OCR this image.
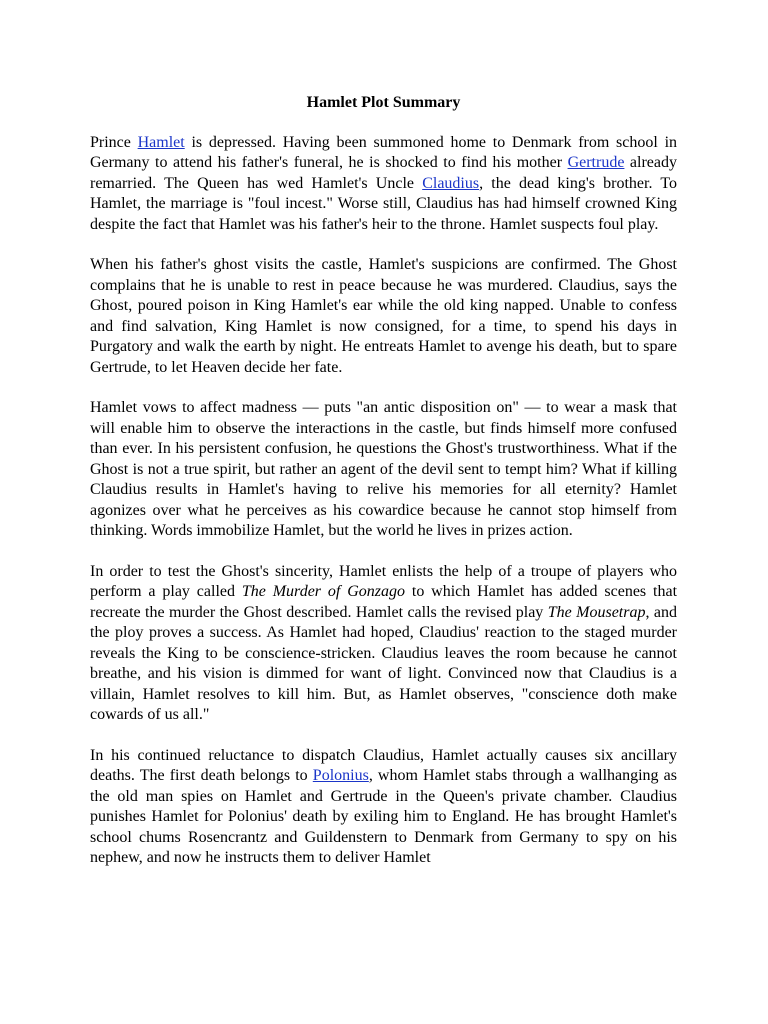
Hamlet Plot Summary

Prince Hamlet is depressed. Having been summoned home to Denmark from school in Germany to attend his father's funeral, he is shocked to find his mother Gertrude already remarried. The Queen has wed Hamlet's Uncle Claudius, the dead king's brother. To Hamlet, the marriage is "foul incest." Worse still, Claudius has had himself crowned King despite the fact that Hamlet was his father's heir to the throne. Hamlet suspects foul play.

When his father's ghost visits the castle, Hamlet's suspicions are confirmed. The Ghost complains that he is unable to rest in peace because he was murdered. Claudius, says the Ghost, poured poison in King Hamlet's ear while the old king napped. Unable to confess and find salvation, King Hamlet is now consigned, for a time, to spend his days in Purgatory and walk the earth by night. He entreats Hamlet to avenge his death, but to spare Gertrude, to let Heaven decide her fate.

Hamlet vows to affect madness — puts "an antic disposition on" — to wear a mask that will enable him to observe the interactions in the castle, but finds himself more confused than ever. In his persistent confusion, he questions the Ghost's trustworthiness. What if the Ghost is not a true spirit, but rather an agent of the devil sent to tempt him? What if killing Claudius results in Hamlet's having to relive his memories for all eternity? Hamlet agonizes over what he perceives as his cowardice because he cannot stop himself from thinking. Words immobilize Hamlet, but the world he lives in prizes action.

In order to test the Ghost's sincerity, Hamlet enlists the help of a troupe of players who perform a play called The Murder of Gonzago to which Hamlet has added scenes that recreate the murder the Ghost described. Hamlet calls the revised play The Mousetrap, and the ploy proves a success. As Hamlet had hoped, Claudius' reaction to the staged murder reveals the King to be conscience-stricken. Claudius leaves the room because he cannot breathe, and his vision is dimmed for want of light. Convinced now that Claudius is a villain, Hamlet resolves to kill him. But, as Hamlet observes, "conscience doth make cowards of us all."

In his continued reluctance to dispatch Claudius, Hamlet actually causes six ancillary deaths. The first death belongs to Polonius, whom Hamlet stabs through a wallhanging as the old man spies on Hamlet and Gertrude in the Queen's private chamber. Claudius punishes Hamlet for Polonius' death by exiling him to England. He has brought Hamlet's school chums Rosencrantz and Guildenstern to Denmark from Germany to spy on his nephew, and now he instructs them to deliver Hamlet
